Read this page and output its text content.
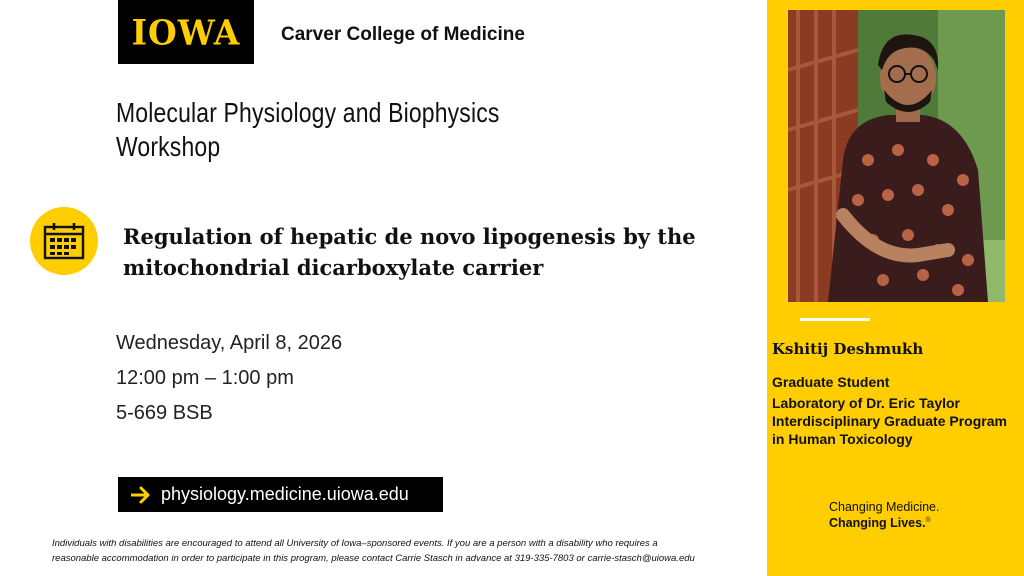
IOWA Carver College of Medicine
Molecular Physiology and Biophysics
Workshop
Regulation of hepatic de novo lipogenesis by the mitochondrial dicarboxylate carrier
Wednesday, April 8, 2026
12:00 pm – 1:00 pm
5-669 BSB
physiology.medicine.uiowa.edu
Individuals with disabilities are encouraged to attend all University of Iowa–sponsored events. If you are a person with a disability who requires a
reasonable accommodation in order to participate in this program, please contact Carrie Stasch in advance at 319-335-7803 or carrie-stasch@uiowa.edu
Kshitij Deshmukh
Graduate Student
Laboratory of Dr. Eric Taylor
Interdisciplinary Graduate Program
in Human Toxicology
Changing Medicine.
Changing Lives.®
